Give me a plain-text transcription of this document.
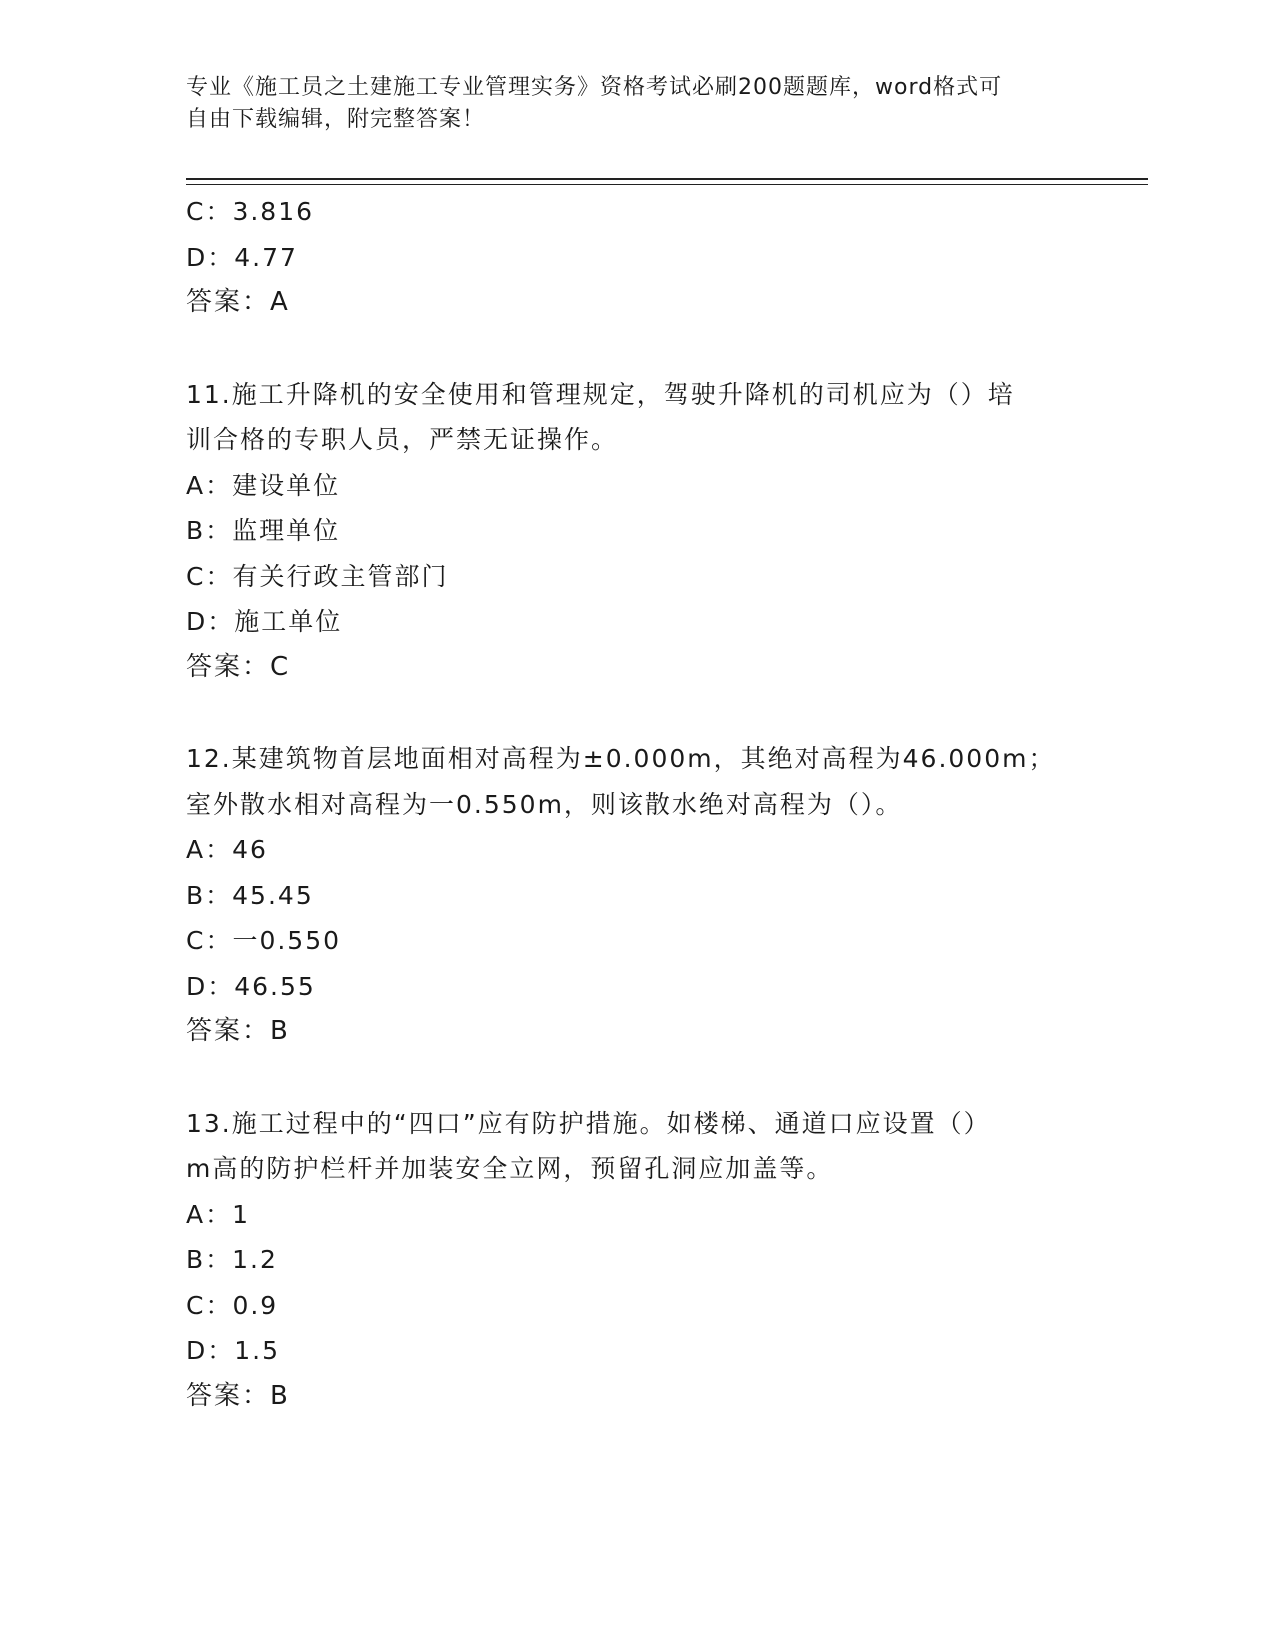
专业《施工员之土建施工专业管理实务》资格考试必刷200题题库，word格式可
自由下载编辑，附完整答案！
C：3.816
D：4.77
答案：A
11.施工升降机的安全使用和管理规定，驾驶升降机的司机应为（）培
训合格的专职人员，严禁无证操作。
A：建设单位
B：监理单位
C：有关行政主管部门
D：施工单位
答案：C
12.某建筑物首层地面相对高程为±0.000m，其绝对高程为46.000m；
室外散水相对高程为一0.550m，则该散水绝对高程为（）。
A：46
B：45.45
C：一0.550
D：46.55
答案：B
13.施工过程中的“四口”应有防护措施。如楼梯、通道口应设置（）
m高的防护栏杆并加装安全立网，预留孔洞应加盖等。
A：1
B：1.2
C：0.9
D：1.5
答案：B
